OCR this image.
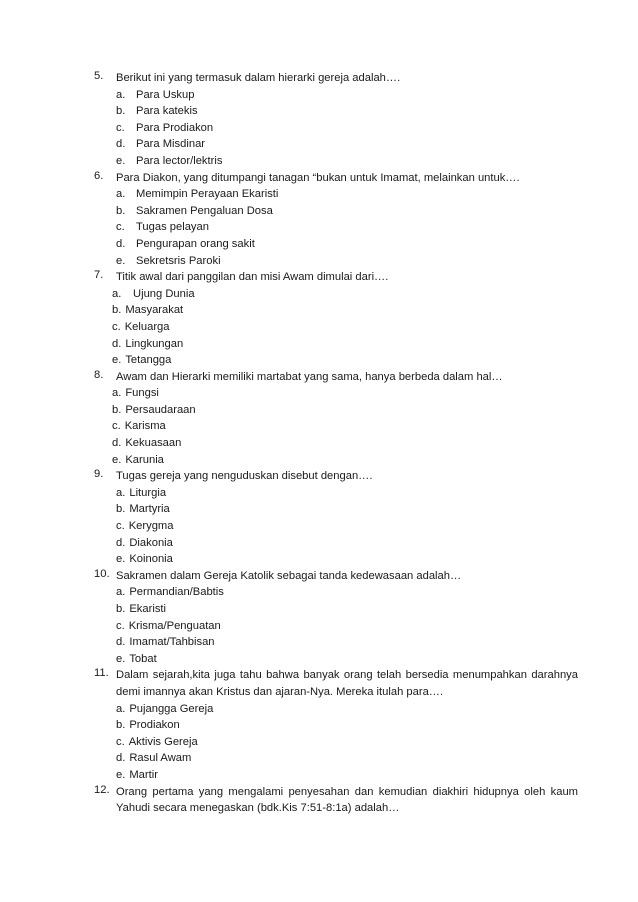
5.	Berikut ini yang termasuk dalam hierarki gereja adalah….
a. Para Uskup
b. Para katekis
c. Para Prodiakon
d. Para Misdinar
e. Para lector/lektris
6.	Para Diakon, yang ditumpangi tanagan “bukan untuk Imamat, melainkan untuk….
a. Memimpin Perayaan Ekaristi
b. Sakramen Pengaluan Dosa
c. Tugas pelayan
d. Pengurapan orang sakit
e. Sekretsris Paroki
7.	Titik awal dari panggilan dan misi Awam dimulai dari….
a. Ujung Dunia
b. Masyarakat
c. Keluarga
d. Lingkungan
e. Tetangga
8.	Awam dan Hierarki memiliki martabat yang sama, hanya berbeda dalam hal…
a. Fungsi
b. Persaudaraan
c. Karisma
d. Kekuasaan
e. Karunia
9.	Tugas gereja yang nenguduskan disebut dengan….
a. Liturgia
b. Martyria
c. Kerygma
d. Diakonia
e. Koinonia
10. Sakramen dalam Gereja Katolik sebagai tanda kedewasaan adalah…
a. Permandian/Babtis
b. Ekaristi
c. Krisma/Penguatan
d. Imamat/Tahbisan
e. Tobat
11. Dalam sejarah,kita juga tahu bahwa banyak orang telah bersedia menumpahkan darahnya demi imannya akan Kristus dan ajaran-Nya. Mereka itulah para….
a. Pujangga Gereja
b. Prodiakon
c. Aktivis Gereja
d. Rasul Awam
e. Martir
12. Orang pertama yang mengalami penyesahan dan kemudian diakhiri hidupnya oleh kaum Yahudi secara menegaskan (bdk.Kis 7:51-8:1a) adalah…
